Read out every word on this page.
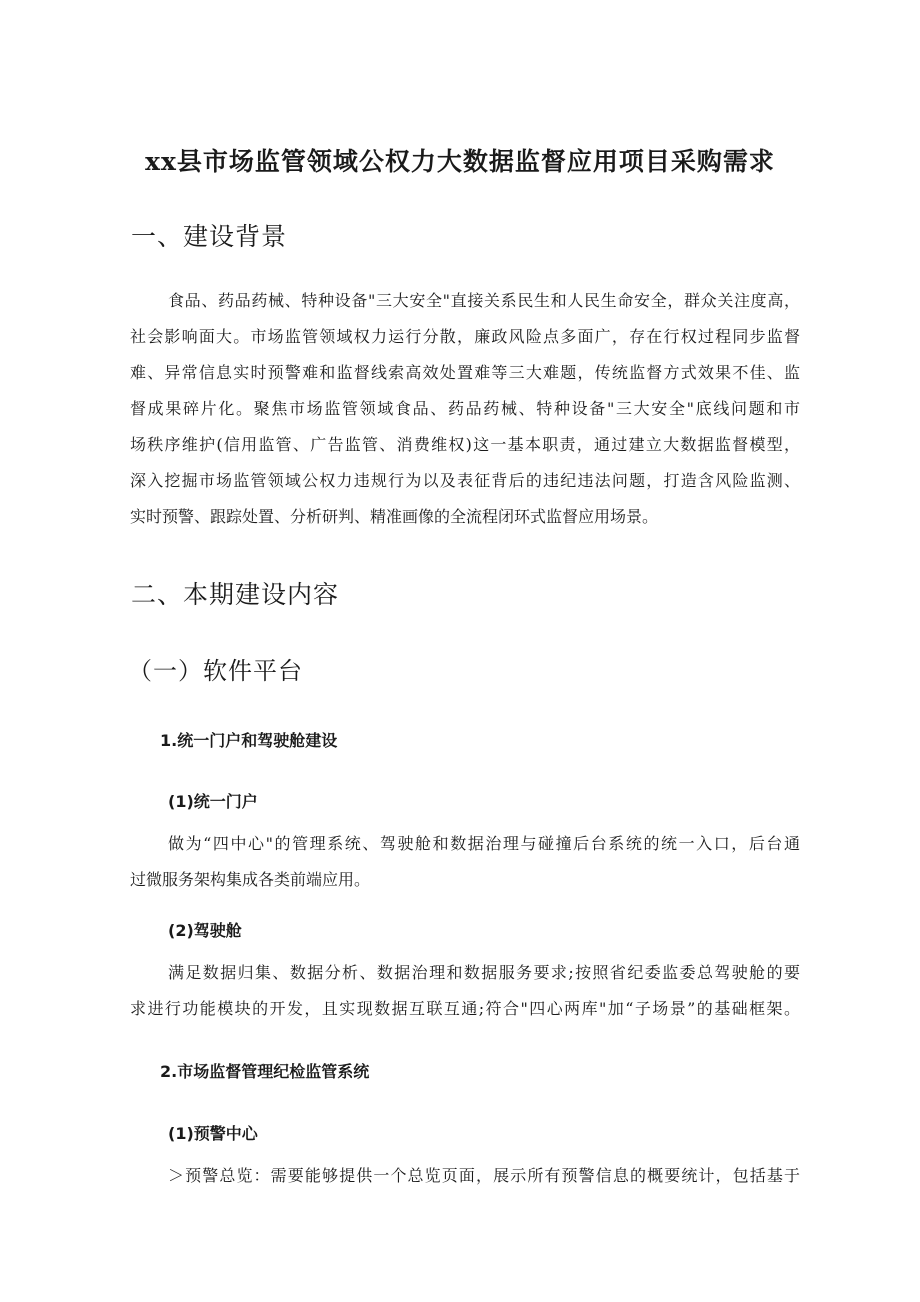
xx县市场监管领域公权力大数据监督应用项目采购需求
一、建设背景
食品、药品药械、特种设备"三大安全"直接关系民生和人民生命安全，群众关注度高，
社会影响面大。市场监管领域权力运行分散，廉政风险点多面广，存在行权过程同步监督
难、异常信息实时预警难和监督线索高效处置难等三大难题，传统监督方式效果不佳、监
督成果碎片化。聚焦市场监管领域食品、药品药械、特种设备"三大安全"底线问题和市
场秩序维护(信用监管、广告监管、消费维权)这一基本职责，通过建立大数据监督模型，
深入挖掘市场监管领域公权力违规行为以及表征背后的违纪违法问题，打造含风险监测、
实时预警、跟踪处置、分析研判、精准画像的全流程闭环式监督应用场景。
二、本期建设内容
（一）软件平台
1.统一门户和驾驶舱建设
(1)统一门户
做为“四中心"的管理系统、驾驶舱和数据治理与碰撞后台系统的统一入口，后台通
过微服务架构集成各类前端应用。
(2)驾驶舱
满足数据归集、数据分析、数据治理和数据服务要求;按照省纪委监委总驾驶舱的要
求进行功能模块的开发，且实现数据互联互通;符合"四心两库"加“子场景”的基础框架。
2.市场监督管理纪检监管系统
(1)预警中心
＞预警总览：需要能够提供一个总览页面，展示所有预警信息的概要统计，包括基于
